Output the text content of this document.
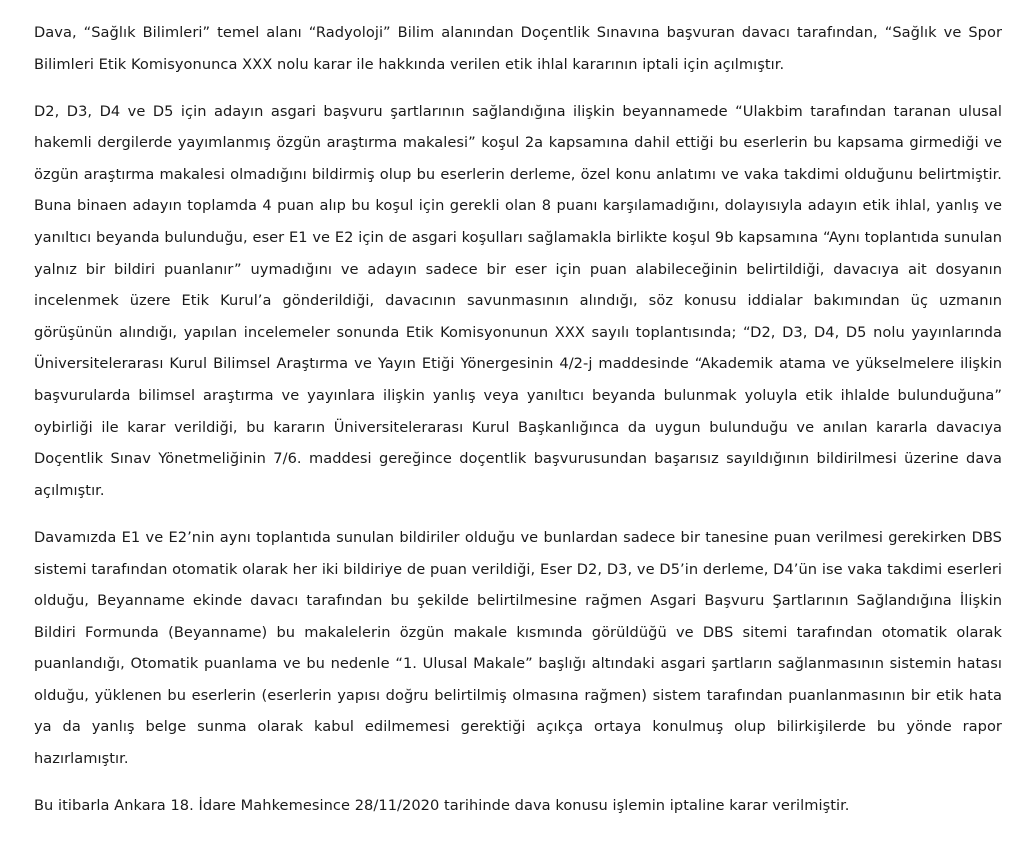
Dava, “Sağlık Bilimleri” temel alanı “Radyoloji” Bilim alanından Doçentlik Sınavına başvuran davacı tarafından, “Sağlık ve Spor Bilimleri Etik Komisyonunca XXX nolu karar ile hakkında verilen etik ihlal kararının iptali için açılmıştır.

D2, D3, D4 ve D5 için adayın asgari başvuru şartlarının sağlandığına ilişkin beyannamede “Ulakbim tarafından taranan ulusal hakemli dergilerde yayımlanmış özgün araştırma makalesi” koşul 2a kapsamına dahil ettiği bu eserlerin bu kapsama girmediği ve özgün araştırma makalesi olmadığını bildirmiş olup bu eserlerin derleme, özel konu anlatımı ve vaka takdimi olduğunu belirtmiştir. Buna binaen adayın toplamda 4 puan alıp bu koşul için gerekli olan 8 puanı karşılamadığını, dolayısıyla adayın etik ihlal, yanlış ve yanıltıcı beyanda bulunduğu, eser E1 ve E2 için de asgari koşulları sağlamakla birlikte koşul 9b kapsamına “Aynı toplantıda sunulan yalnız bir bildiri puanlanır” uymadığını ve adayın sadece bir eser için puan alabileceğinin belirtildiği, davacıya ait dosyanın incelenmek üzere Etik Kurul’a gönderildiği, davacının savunmasının alındığı, söz konusu iddialar bakımından üç uzmanın görüşünün alındığı, yapılan incelemeler sonunda Etik Komisyonunun XXX sayılı toplantısında; “D2, D3, D4, D5 nolu yayınlarında Üniversitelerarası Kurul Bilimsel Araştırma ve Yayın Etiği Yönergesinin 4/2-j maddesinde “Akademik atama ve yükselmelere ilişkin başvurularda bilimsel araştırma ve yayınlara ilişkin yanlış veya yanıltıcı beyanda bulunmak yoluyla etik ihlalde bulunduğuna” oybirliği ile karar verildiği, bu kararın Üniversitelerarası Kurul Başkanlığınca da uygun bulunduğu ve anılan kararla davacıya Doçentlik Sınav Yönetmeliğinin 7/6. maddesi gereğince doçentlik başvurusundan başarısız sayıldığının bildirilmesi üzerine dava açılmıştır.

Davamızda E1 ve E2’nin aynı toplantıda sunulan bildiriler olduğu ve bunlardan sadece bir tanesine puan verilmesi gerekirken DBS sistemi tarafından otomatik olarak her iki bildiriye de puan verildiği, Eser D2, D3, ve D5’in derleme, D4’ün ise vaka takdimi eserleri olduğu, Beyanname ekinde davacı tarafından bu şekilde belirtilmesine rağmen Asgari Başvuru Şartlarının Sağlandığına İlişkin Bildiri Formunda (Beyanname) bu makalelerin özgün makale kısmında görüldüğü ve DBS sitemi tarafından otomatik olarak puanlandığı, Otomatik puanlama ve bu nedenle “1. Ulusal Makale” başlığı altındaki asgari şartların sağlanmasının sistemin hatası olduğu, yüklenen bu eserlerin (eserlerin yapısı doğru belirtilmiş olmasına rağmen) sistem tarafından puanlanmasının bir etik hata ya da yanlış belge sunma olarak kabul edilmemesi gerektiği açıkça ortaya konulmuş olup bilirkişilerde bu yönde rapor hazırlamıştır.

Bu itibarla Ankara 18. İdare Mahkemesince 28/11/2020 tarihinde dava konusu işlemin iptaline karar verilmiştir.
